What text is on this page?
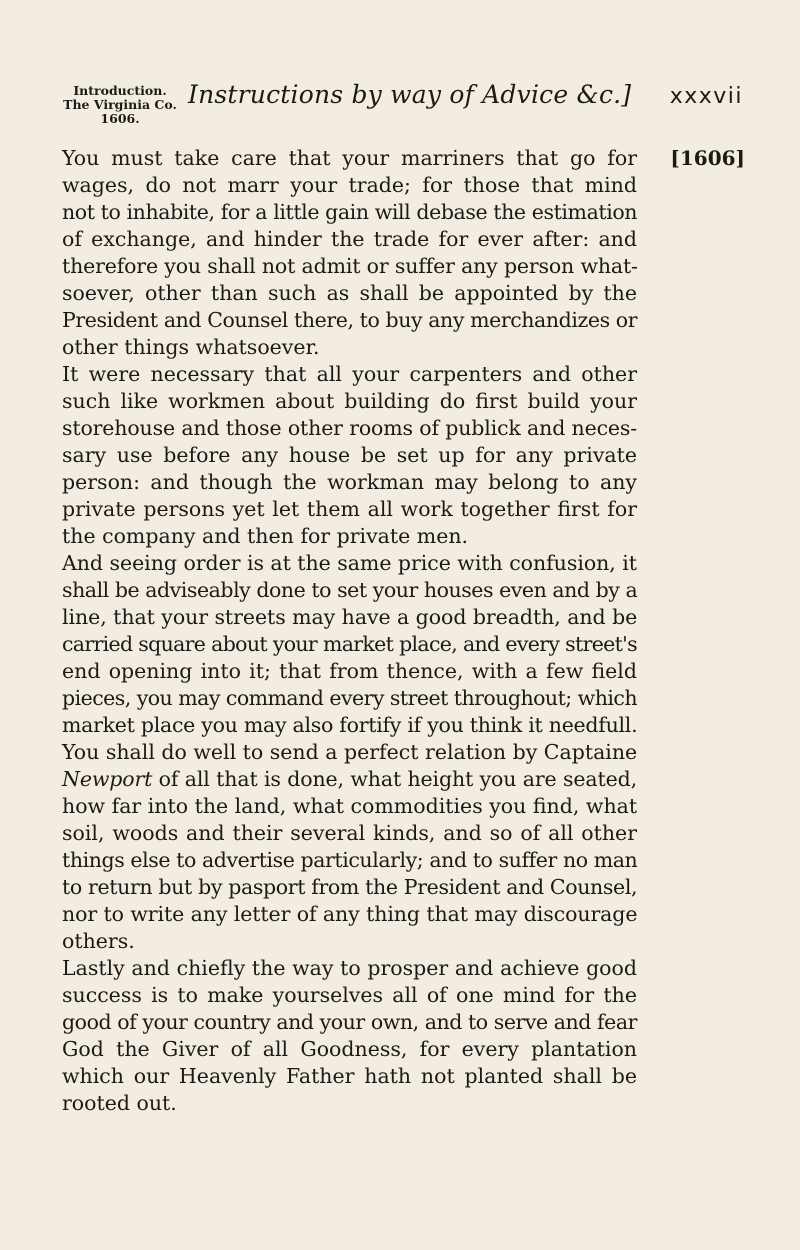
Introduction.
The Virginia Co.
1606.
Instructions by way of Advice &c.] xxxvii
[1606]

You must take care that your marriners that go for
wages, do not marr your trade; for those that mind
not to inhabite, for a little gain will debase the estimation
of exchange, and hinder the trade for ever after: and
therefore you shall not admit or suffer any person what-
soever, other than such as shall be appointed by the
President and Counsel there, to buy any merchandizes or
other things whatsoever.

It were necessary that all your carpenters and other
such like workmen about building do first build your
storehouse and those other rooms of publick and neces-
sary use before any house be set up for any private
person: and though the workman may belong to any
private persons yet let them all work together first for
the company and then for private men.

And seeing order is at the same price with confusion, it
shall be adviseably done to set your houses even and by a
line, that your streets may have a good breadth, and be
carried square about your market place, and every street's
end opening into it; that from thence, with a few field
pieces, you may command every street throughout; which
market place you may also fortify if you think it needfull.

You shall do well to send a perfect relation by Captaine
Newport of all that is done, what height you are seated,
how far into the land, what commodities you find, what
soil, woods and their several kinds, and so of all other
things else to advertise particularly; and to suffer no man
to return but by pasport from the President and Counsel,
nor to write any letter of any thing that may discourage
others.

Lastly and chiefly the way to prosper and achieve good
success is to make yourselves all of one mind for the
good of your country and your own, and to serve and fear
God the Giver of all Goodness, for every plantation
which our Heavenly Father hath not planted shall be
rooted out.
